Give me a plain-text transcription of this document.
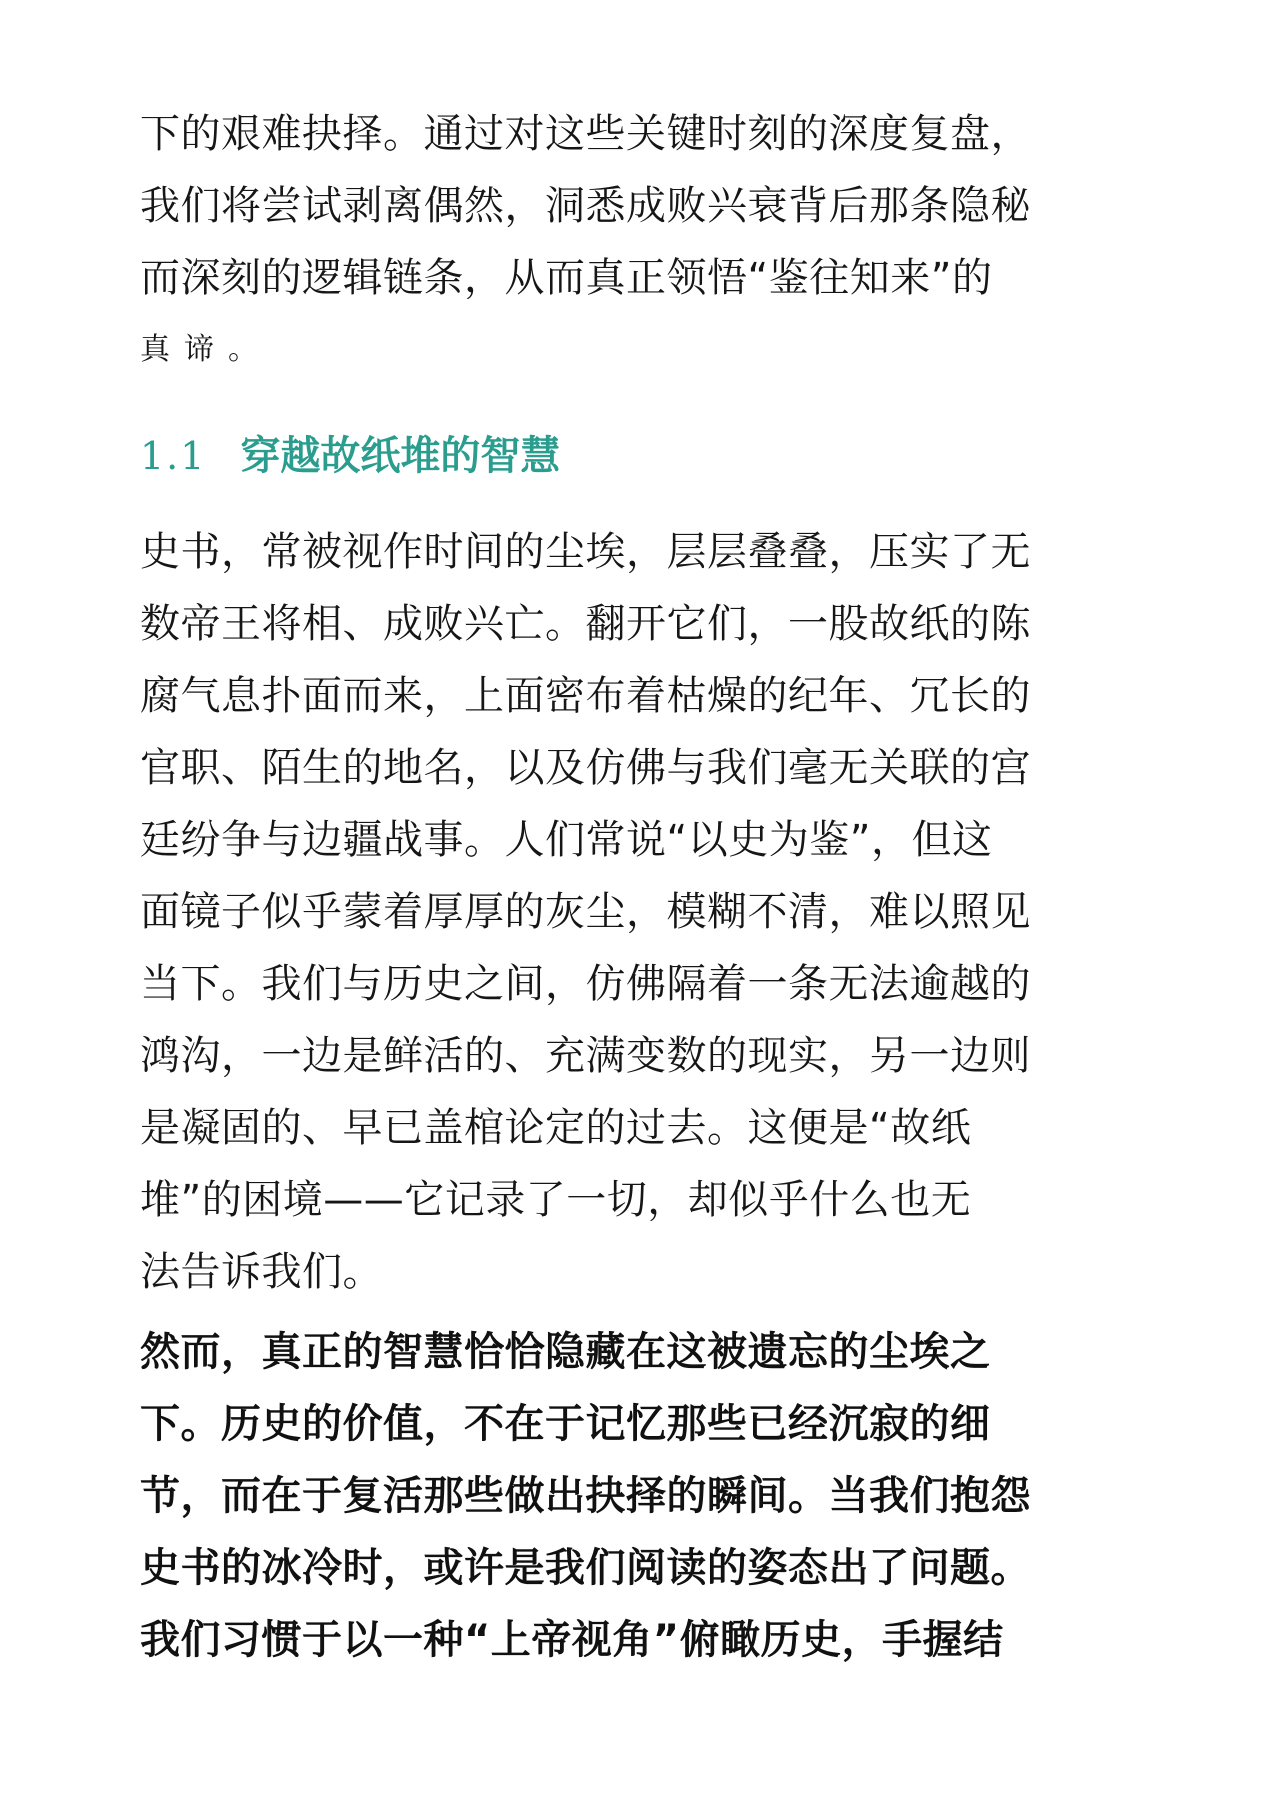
下的艰难抉择。通过对这些关键时刻的深度复盘，
我们将尝试剥离偶然，洞悉成败兴衰背后那条隐秘
而深刻的逻辑链条，从而真正领悟“鉴往知来”的
真谛。
1.1 穿越故纸堆的智慧
史书，常被视作时间的尘埃，层层叠叠，压实了无
数帝王将相、成败兴亡。翻开它们，一股故纸的陈
腐气息扑面而来，上面密布着枯燥的纪年、冗长的
官职、陌生的地名，以及仿佛与我们毫无关联的宫
廷纷争与边疆战事。人们常说“以史为鉴”，但这
面镜子似乎蒙着厚厚的灰尘，模糊不清，难以照见
当下。我们与历史之间，仿佛隔着一条无法逾越的
鸿沟，一边是鲜活的、充满变数的现实，另一边则
是凝固的、早已盖棺论定的过去。这便是“故纸
堆”的困境——它记录了一切，却似乎什么也无
法告诉我们。
然而，真正的智慧恰恰隐藏在这被遗忘的尘埃之
下。历史的价值，不在于记忆那些已经沉寂的细
节，而在于复活那些做出抉择的瞬间。当我们抱怨
史书的冰冷时，或许是我们阅读的姿态出了问题。
我们习惯于以一种“上帝视角”俯瞰历史，手握结
